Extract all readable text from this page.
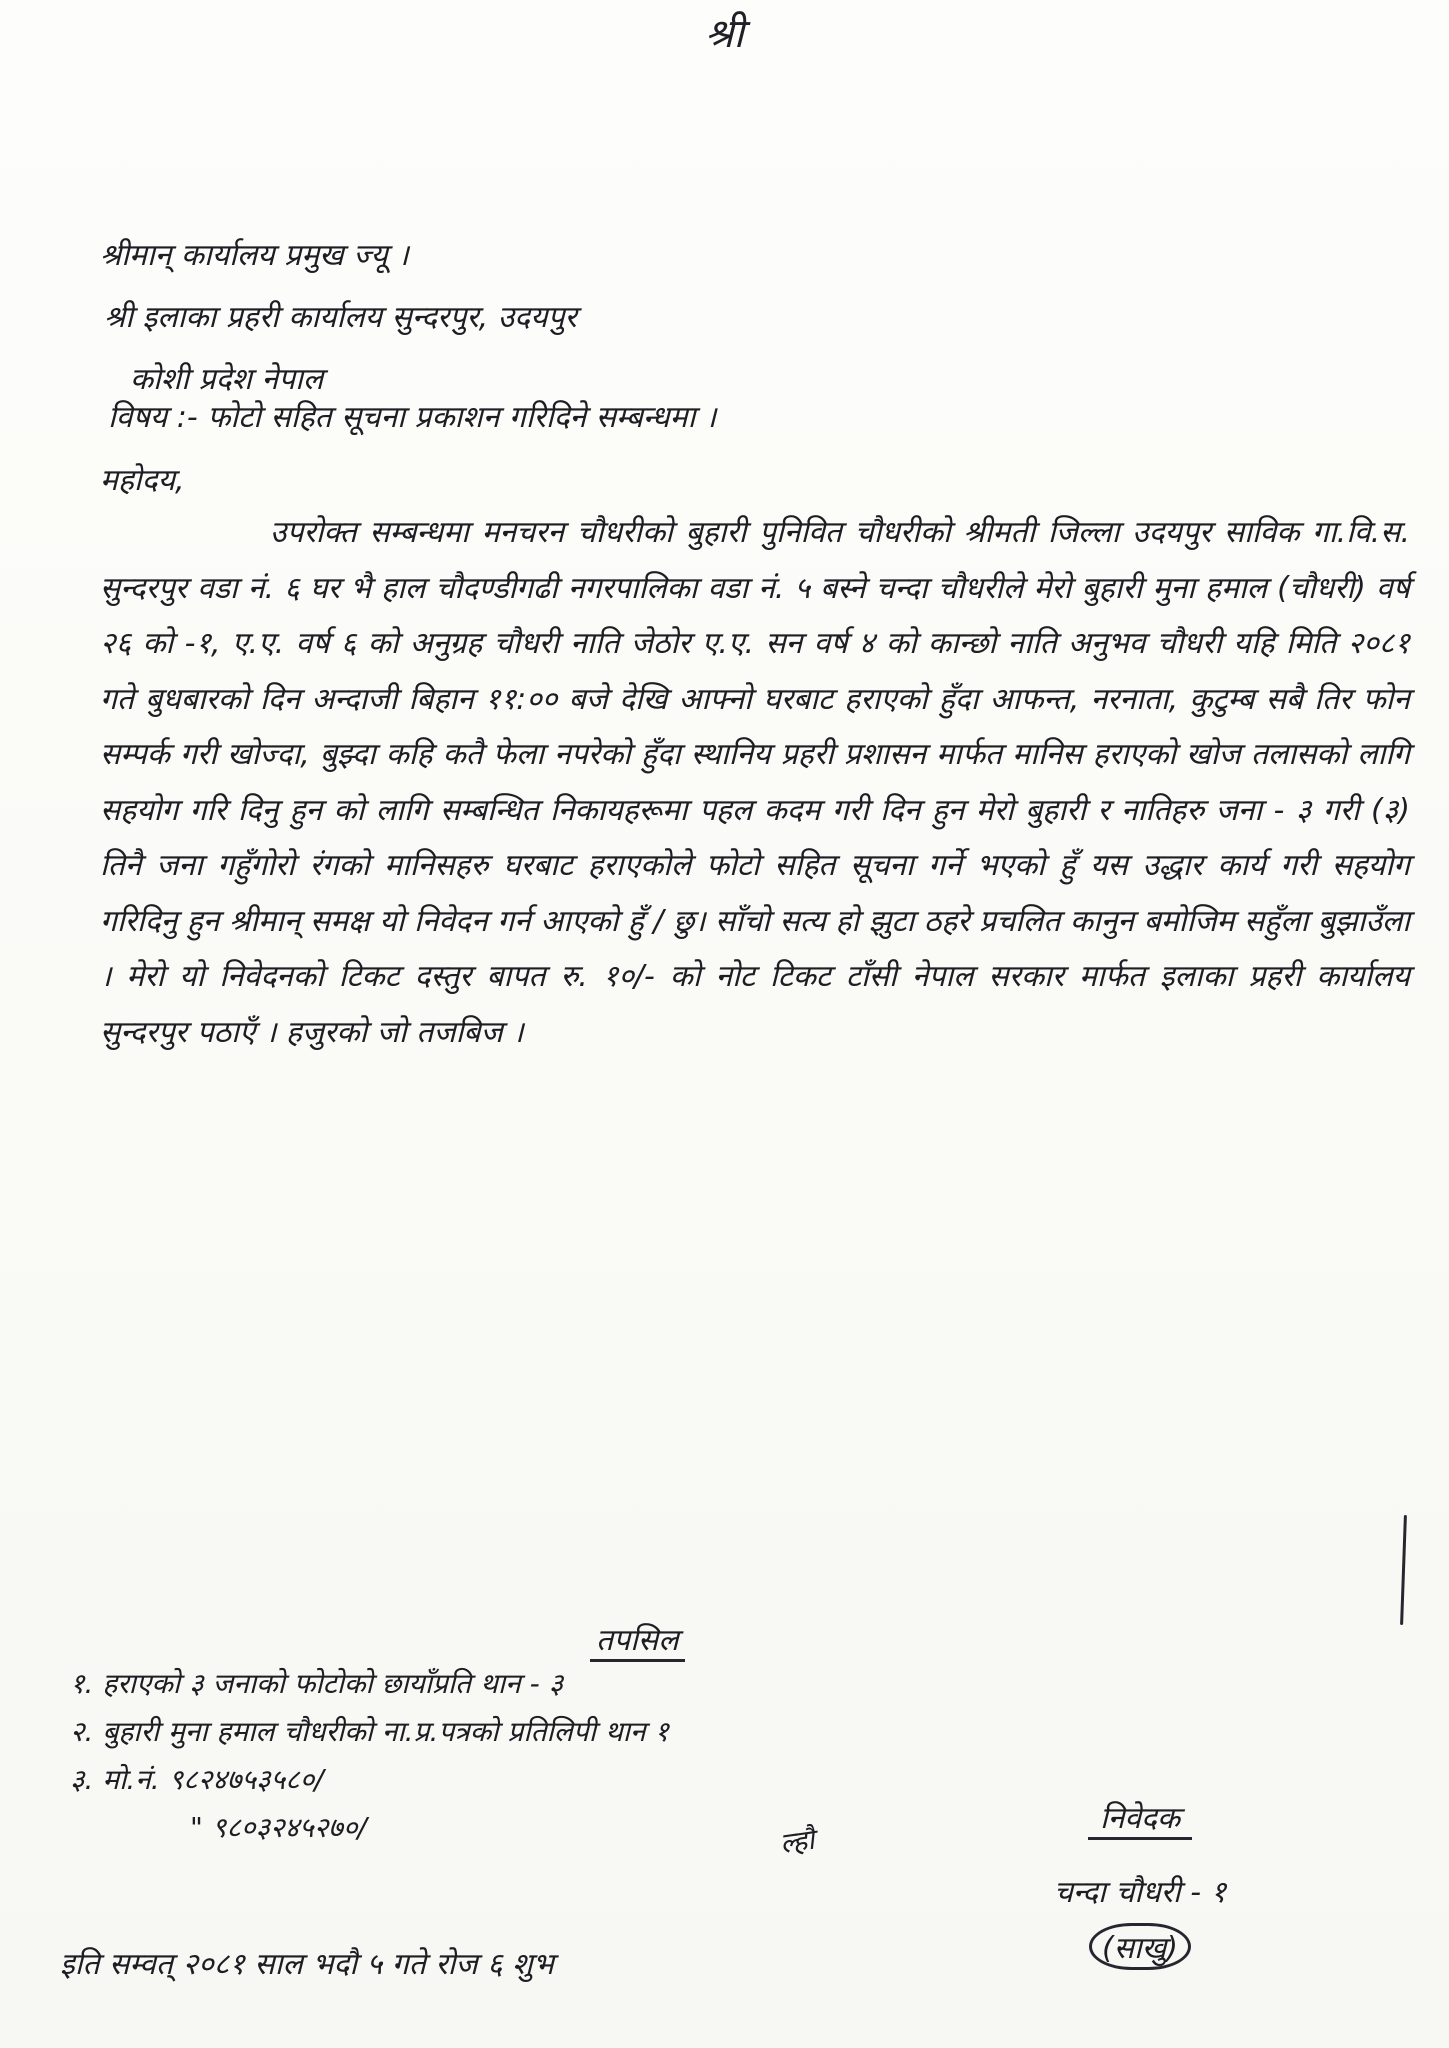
श्री
श्रीमान् कार्यालय प्रमुख ज्यू ।
श्री इलाका प्रहरी कार्यालय सुन्दरपुर, उदयपुर
कोशी प्रदेश नेपाल
विषय :- फोटो सहित सूचना प्रकाशन गरिदिने सम्बन्धमा ।
महोदय,

उपरोक्त सम्बन्धमा मनचरन चौधरीको बुहारी पुनिवित चौधरीको श्रीमती जिल्ला उदयपुर साविक गा.वि.स. सुन्दरपुर वडा नं. ६ घर भै हाल चौदण्डीगढी नगरपालिका वडा नं. ५ बस्ने चन्दा चौधरीले मेरो बुहारी मुना हमाल (चौधरी) वर्ष २६ को -१, ए.ए. वर्ष ६ को अनुग्रह चौधरी नाति जेठोर ए.ए. सन वर्ष ४ को कान्छो नाति अनुभव चौधरी यहि मिति २०८१ गते बुधबारको दिन अन्दाजी बिहान ११:०० बजे देखि आफ्नो घरबाट हराएको हुँदा आफन्त, नरनाता, कुटुम्ब सबै तिर फोन सम्पर्क गरी खोज्दा, बुझ्दा कहि कतै फेला नपरेको हुँदा स्थानिय प्रहरी प्रशासन मार्फत मानिस हराएको खोज तलासको लागि सहयोग गरि दिनु हुन को लागि सम्बन्धित निकायहरूमा पहल कदम गरी दिन हुन मेरो बुहारी र नातिहरु जना - ३ गरी (३) तिनै जना गहुँगोरो रंगको मानिसहरु घरबाट हराएकोले फोटो सहित सूचना गर्ने भएको हुँ यस उद्धार कार्य गरी सहयोग गरिदिनु हुन श्रीमान् समक्ष यो निवेदन गर्न आएको हुँ / छु। साँचो सत्य हो झुटा ठहरे प्रचलित कानुन बमोजिम सहुँला बुझाउँला । मेरो यो निवेदनको टिकट दस्तुर बापत रु. १०/- को नोट टिकट टाँसी नेपाल सरकार मार्फत इलाका प्रहरी कार्यालय सुन्दरपुर पठाएँ । हजुरको जो तजबिज ।

तपसिल
१. हराएको ३ जनाको फोटोको छायाँप्रति थान - ३
२. बुहारी मुना हमाल चौधरीको ना.प्र.पत्रको प्रतिलिपी थान १
३. मो.नं. ९८२४७५३५८०/
" ९८०३२४५२७०/	ल्हौ
निवेदक
चन्दा चौधरी - १
(साखु)
इति सम्वत् २०८१ साल भदौ ५ गते रोज ६ शुभ
